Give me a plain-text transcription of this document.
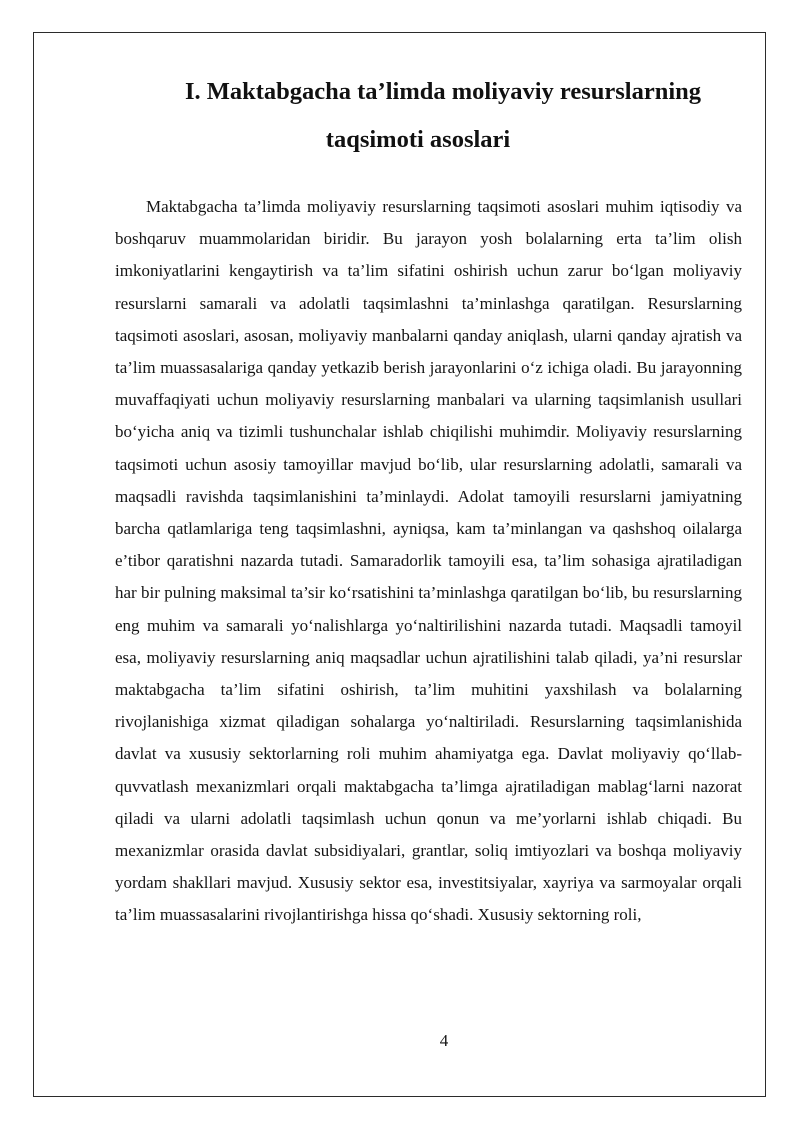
I. Maktabgacha ta’limda moliyaviy resurslarning
taqsimoti asoslari

Maktabgacha ta’limda moliyaviy resurslarning taqsimoti asoslari muhim iqtisodiy va boshqaruv muammolaridan biridir. Bu jarayon yosh bolalarning erta ta’lim olish imkoniyatlarini kengaytirish va ta’lim sifatini oshirish uchun zarur bo‘lgan moliyaviy resurslarni samarali va adolatli taqsimlashni ta’minlashga qaratilgan. Resurslarning taqsimoti asoslari, asosan, moliyaviy manbalarni qanday aniqlash, ularni qanday ajratish va ta’lim muassasalariga qanday yetkazib berish jarayonlarini o‘z ichiga oladi. Bu jarayonning muvaffaqiyati uchun moliyaviy resurslarning manbalari va ularning taqsimlanish usullari bo‘yicha aniq va tizimli tushunchalar ishlab chiqilishi muhimdir. Moliyaviy resurslarning taqsimoti uchun asosiy tamoyillar mavjud bo‘lib, ular resurslarning adolatli, samarali va maqsadli ravishda taqsimlanishini ta’minlaydi. Adolat tamoyili resurslarni jamiyatning barcha qatlamlariga teng taqsimlashni, ayniqsa, kam ta’minlangan va qashshoq oilalarga e’tibor qaratishni nazarda tutadi. Samaradorlik tamoyili esa, ta’lim sohasiga ajratiladigan har bir pulning maksimal ta’sir ko‘rsatishini ta’minlashga qaratilgan bo‘lib, bu resurslarning eng muhim va samarali yo‘nalishlarga yo‘naltirilishini nazarda tutadi. Maqsadli tamoyil esa, moliyaviy resurslarning aniq maqsadlar uchun ajratilishini talab qiladi, ya’ni resurslar maktabgacha ta’lim sifatini oshirish, ta’lim muhitini yaxshilash va bolalarning rivojlanishiga xizmat qiladigan sohalarga yo‘naltiriladi. Resurslarning taqsimlanishida davlat va xususiy sektorlarning roli muhim ahamiyatga ega. Davlat moliyaviy qo‘llab-quvvatlash mexanizmlari orqali maktabgacha ta’limga ajratiladigan mablag‘larni nazorat qiladi va ularni adolatli taqsimlash uchun qonun va me’yorlarni ishlab chiqadi. Bu mexanizmlar orasida davlat subsidiyalari, grantlar, soliq imtiyozlari va boshqa moliyaviy yordam shakllari mavjud. Xususiy sektor esa, investitsiyalar, xayriya va sarmoyalar orqali ta’lim muassasalarini rivojlantirishga hissa qo‘shadi. Xususiy sektorning roli,

4
